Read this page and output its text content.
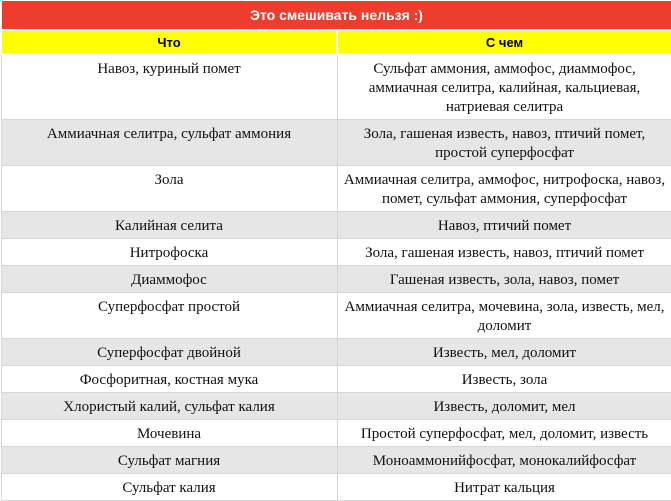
Это смешивать нельзя :)	
Что	С чем
Навоз, куриный помет	Сульфат аммония, аммофос, диаммофос, аммиачная селитра, калийная, кальциевая, натриевая селитра
Аммиачная селитра, сульфат аммония	Зола, гашеная известь, навоз, птичий помет, простой суперфосфат
Зола	Аммиачная селитра, аммофос, нитрофоска, навоз, помет, сульфат аммония, суперфосфат
Калийная селита	Навоз, птичий помет
Нитрофоска	Зола, гашеная известь, навоз, птичий помет
Диаммофос	Гашеная известь, зола, навоз, помет
Суперфосфат простой	Аммиачная селитра, мочевина, зола, известь, мел, доломит
Суперфосфат двойной	Известь, мел, доломит
Фосфоритная, костная мука	Известь, зола
Хлористый калий, сульфат калия	Известь, доломит, мел
Мочевина	Простой суперфосфат, мел, доломит, известь
Сульфат магния	Моноаммонийфосфат, монокалийфосфат
Сульфат калия	Нитрат кальция
